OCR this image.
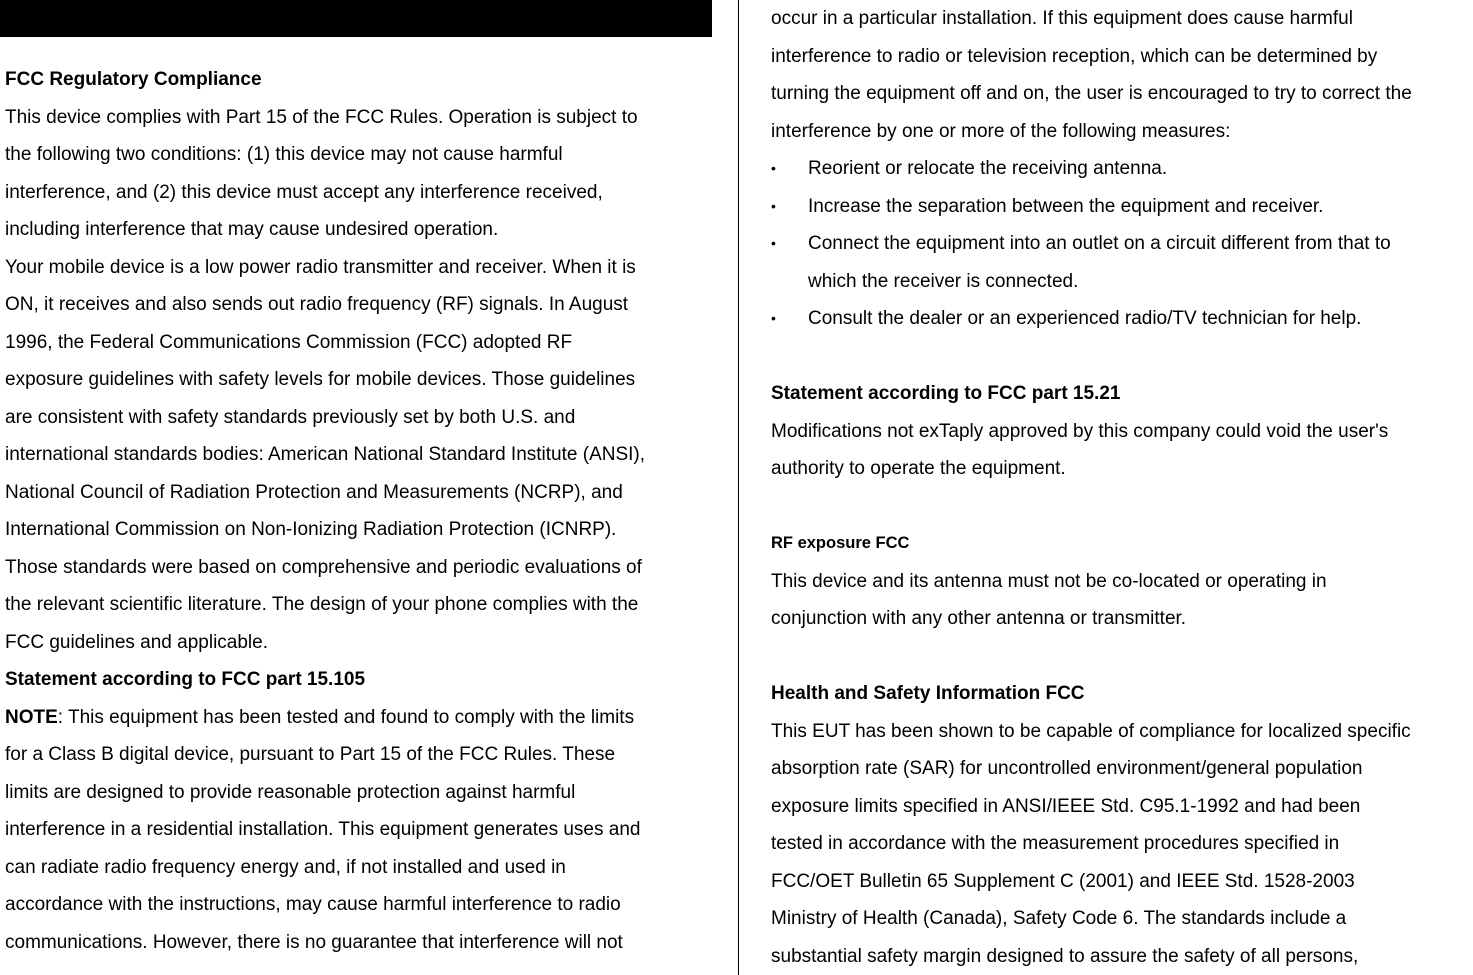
FCC Regulatory Compliance
This device complies with Part 15 of the FCC Rules. Operation is subject to
the following two conditions: (1) this device may not cause harmful
interference, and (2) this device must accept any interference received,
including interference that may cause undesired operation.
Your mobile device is a low power radio transmitter and receiver. When it is
ON, it receives and also sends out radio frequency (RF) signals. In August
1996, the Federal Communications Commission (FCC) adopted RF
exposure guidelines with safety levels for mobile devices. Those guidelines
are consistent with safety standards previously set by both U.S. and
international standards bodies: American National Standard Institute (ANSI),
National Council of Radiation Protection and Measurements (NCRP), and
International Commission on Non-Ionizing Radiation Protection (ICNRP).
Those standards were based on comprehensive and periodic evaluations of
the relevant scientific literature. The design of your phone complies with the
FCC guidelines and applicable.
Statement according to FCC part 15.105
NOTE: This equipment has been tested and found to comply with the limits
for a Class B digital device, pursuant to Part 15 of the FCC Rules. These
limits are designed to provide reasonable protection against harmful
interference in a residential installation. This equipment generates uses and
can radiate radio frequency energy and, if not installed and used in
accordance with the instructions, may cause harmful interference to radio
communications. However, there is no guarantee that interference will not
occur in a particular installation. If this equipment does cause harmful
interference to radio or television reception, which can be determined by
turning the equipment off and on, the user is encouraged to try to correct the
interference by one or more of the following measures:
• Reorient or relocate the receiving antenna.
• Increase the separation between the equipment and receiver.
• Connect the equipment into an outlet on a circuit different from that to
which the receiver is connected.
• Consult the dealer or an experienced radio/TV technician for help.
Statement according to FCC part 15.21
Modifications not exTaply approved by this company could void the user's
authority to operate the equipment.
RF exposure FCC
This device and its antenna must not be co-located or operating in
conjunction with any other antenna or transmitter.
Health and Safety Information FCC
This EUT has been shown to be capable of compliance for localized specific
absorption rate (SAR) for uncontrolled environment/general population
exposure limits specified in ANSI/IEEE Std. C95.1-1992 and had been
tested in accordance with the measurement procedures specified in
FCC/OET Bulletin 65 Supplement C (2001) and IEEE Std. 1528-2003
Ministry of Health (Canada), Safety Code 6. The standards include a
substantial safety margin designed to assure the safety of all persons,
